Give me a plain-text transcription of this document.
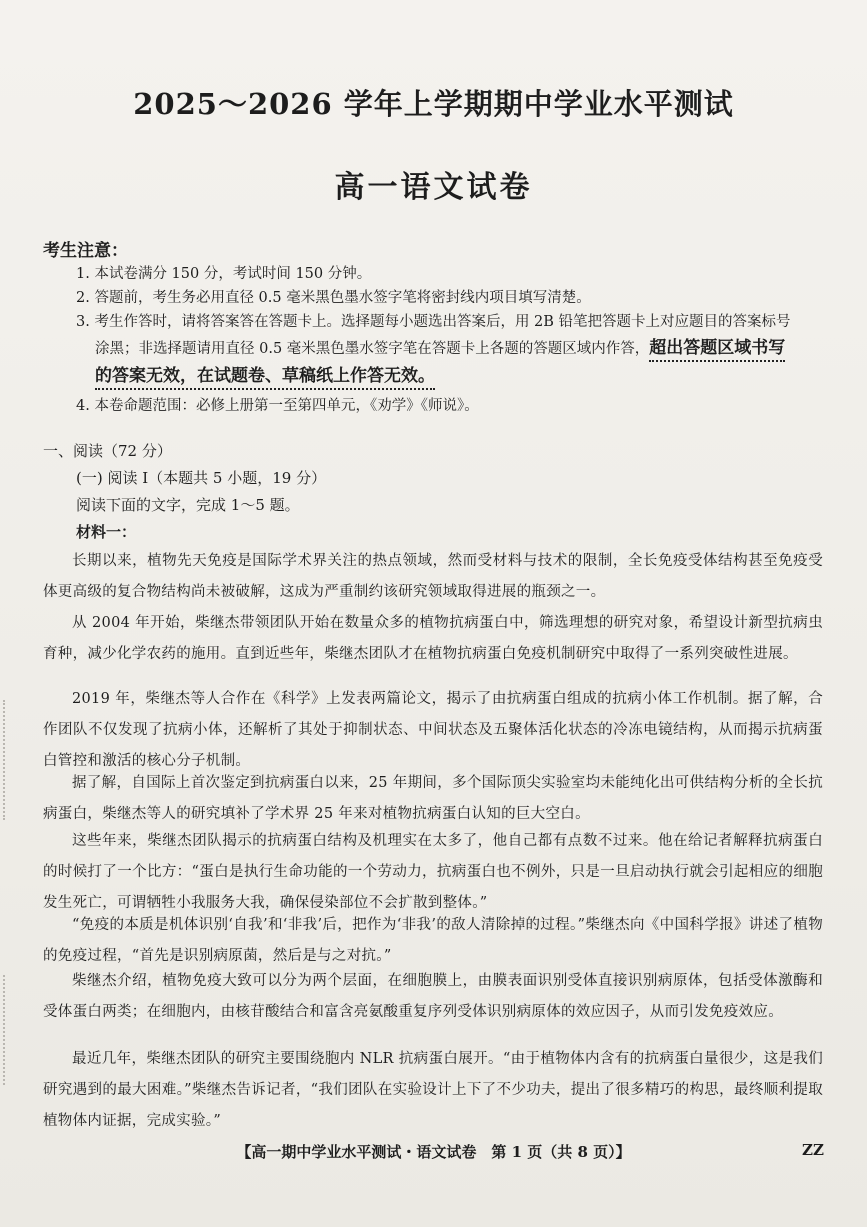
2025～2026 学年上学期期中学业水平测试
高一语文试卷
考生注意：
1. 本试卷满分 150 分，考试时间 150 分钟。
2. 答题前，考生务必用直径 0.5 毫米黑色墨水签字笔将密封线内项目填写清楚。
3. 考生作答时，请将答案答在答题卡上。选择题每小题选出答案后，用 2B 铅笔把答题卡上对应题目的答案标号
涂黑；非选择题请用直径 0.5 毫米黑色墨水签字笔在答题卡上各题的答题区域内作答，超出答题区域书写
的答案无效，在试题卷、草稿纸上作答无效。
4. 本卷命题范围：必修上册第一至第四单元，《劝学》《师说》。
一、阅读（72 分）
(一) 阅读 I（本题共 5 小题，19 分）
阅读下面的文字，完成 1～5 题。
材料一：
长期以来，植物先天免疫是国际学术界关注的热点领域，然而受材料与技术的限制，全长免疫受体结构甚至免疫受体更高级的复合物结构尚未被破解，这成为严重制约该研究领域取得进展的瓶颈之一。
从 2004 年开始，柴继杰带领团队开始在数量众多的植物抗病蛋白中，筛选理想的研究对象，希望设计新型抗病虫育种，减少化学农药的施用。直到近些年，柴继杰团队才在植物抗病蛋白免疫机制研究中取得了一系列突破性进展。
2019 年，柴继杰等人合作在《科学》上发表两篇论文，揭示了由抗病蛋白组成的抗病小体工作机制。据了解，合作团队不仅发现了抗病小体，还解析了其处于抑制状态、中间状态及五聚体活化状态的冷冻电镜结构，从而揭示抗病蛋白管控和激活的核心分子机制。
据了解，自国际上首次鉴定到抗病蛋白以来，25 年期间，多个国际顶尖实验室均未能纯化出可供结构分析的全长抗病蛋白，柴继杰等人的研究填补了学术界 25 年来对植物抗病蛋白认知的巨大空白。
这些年来，柴继杰团队揭示的抗病蛋白结构及机理实在太多了，他自己都有点数不过来。他在给记者解释抗病蛋白的时候打了一个比方：“蛋白是执行生命功能的一个劳动力，抗病蛋白也不例外，只是一旦启动执行就会引起相应的细胞发生死亡，可谓牺牲小我服务大我，确保侵染部位不会扩散到整体。”
“免疫的本质是机体识别‘自我’和‘非我’后，把作为‘非我’的敌人清除掉的过程。”柴继杰向《中国科学报》讲述了植物的免疫过程，“首先是识别病原菌，然后是与之对抗。”
柴继杰介绍，植物免疫大致可以分为两个层面，在细胞膜上，由膜表面识别受体直接识别病原体，包括受体激酶和受体蛋白两类；在细胞内，由核苷酸结合和富含亮氨酸重复序列受体识别病原体的效应因子，从而引发免疫效应。
最近几年，柴继杰团队的研究主要围绕胞内 NLR 抗病蛋白展开。“由于植物体内含有的抗病蛋白量很少，这是我们研究遇到的最大困难。”柴继杰告诉记者，“我们团队在实验设计上下了不少功夫，提出了很多精巧的构思，最终顺利提取植物体内证据，完成实验。”
【高一期中学业水平测试・语文试卷　第 1 页（共 8 页）】	ZZ
